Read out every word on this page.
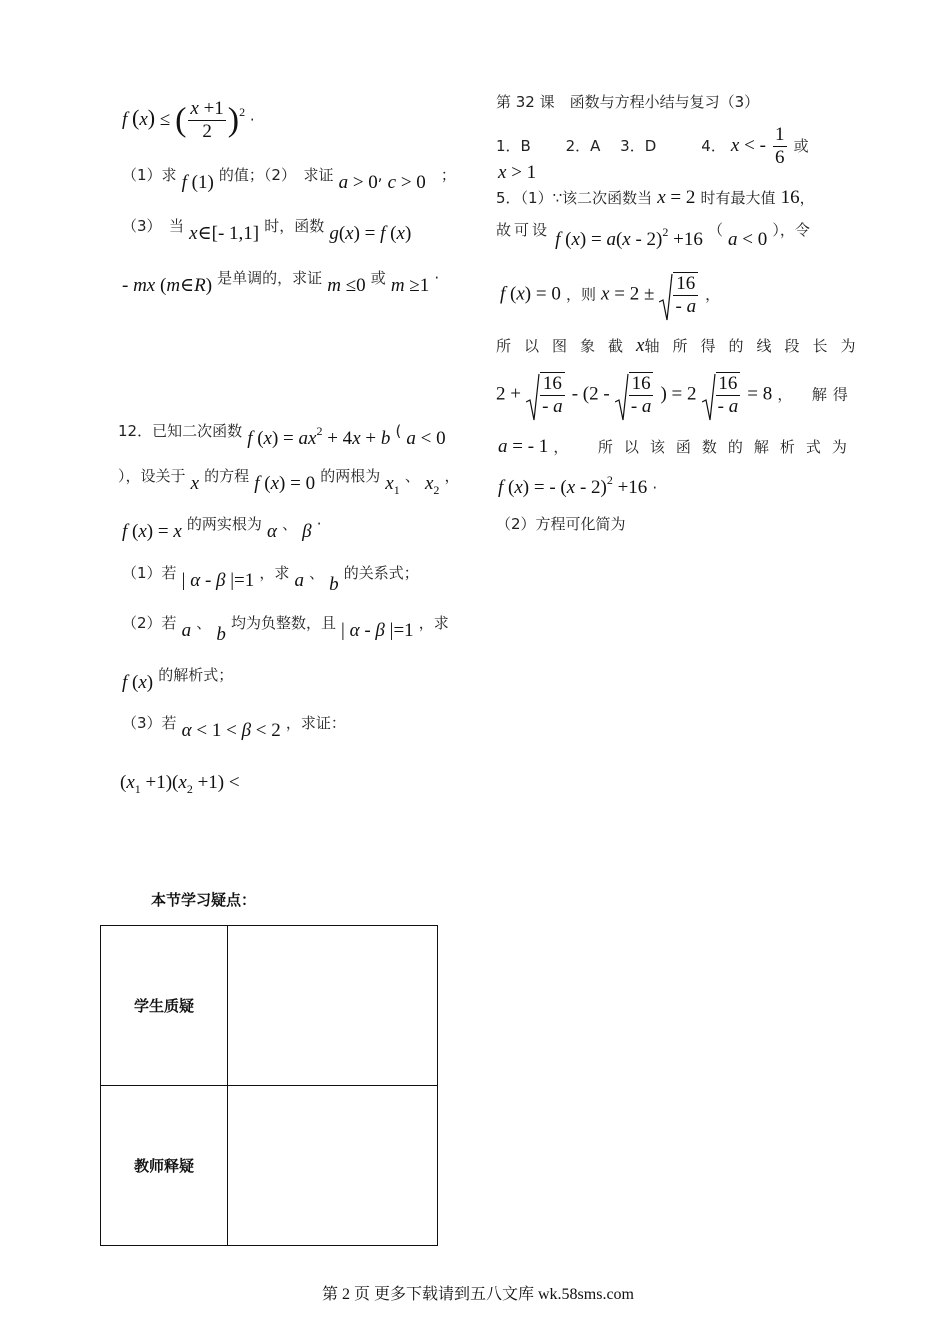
f (x) ≤ ( $\frac{x +1}{2} )^2$ ·
（1）求 f (1) 的值；（2）　求证 a > 0, c > 0 ；
（3）　当 x∈[- 1,1] 时，函数 g(x) = f (x)
- mx (m∈R) 是单调的，求证 m ≤0 或 m ≥1 ·
12．已知二次函数 f $(x) = ax^2 + 4x + b$ ( a < 0
），设关于 x 的方程 f (x) = 0 的两根为 $x_1$ 、 $x_2$ ，
f (x) = x 的两实根为 α 、 β ·
（1）若 | α - β |=1 ，求 a 、 b 的关系式；
（2）若 a 、 b 均为负整数，且 | α - β |=1 ，求
f (x) 的解析式；
（3）若 α < 1 < β < 2 ，求证：
$(x_1 +1)(x_2 +1)$ <
第 32 课　函数与方程小结与复习（3）
1．B　　 2．A　 3．D　　　4． x < - $\frac{1}{6}$ 或
x > 1
5．（1）∵该二次函数当 x = 2 时有最大值 16，
故可设 f (x) = a(x - 2)$^2$ +16 （ a < 0 ），令
f (x) = 0 ，则 $x = 2 \pm \frac{16}{- a}$ ，
所以图象截x轴所得的线段长为
$2 + \frac{16}{- a} - (2 - \frac{16}{- a}$ ) = $2 \frac{16}{- a} = 8$ ，　解得
a = - 1 ，　所以该函数的解析式为
f (x) = - (x - 2)$^2$ +16 ·
（2）方程可化简为
本节学习疑点：
学生质疑	
教师释疑	
第 2 页 更多下载请到五八文库 wk.58sms.com
